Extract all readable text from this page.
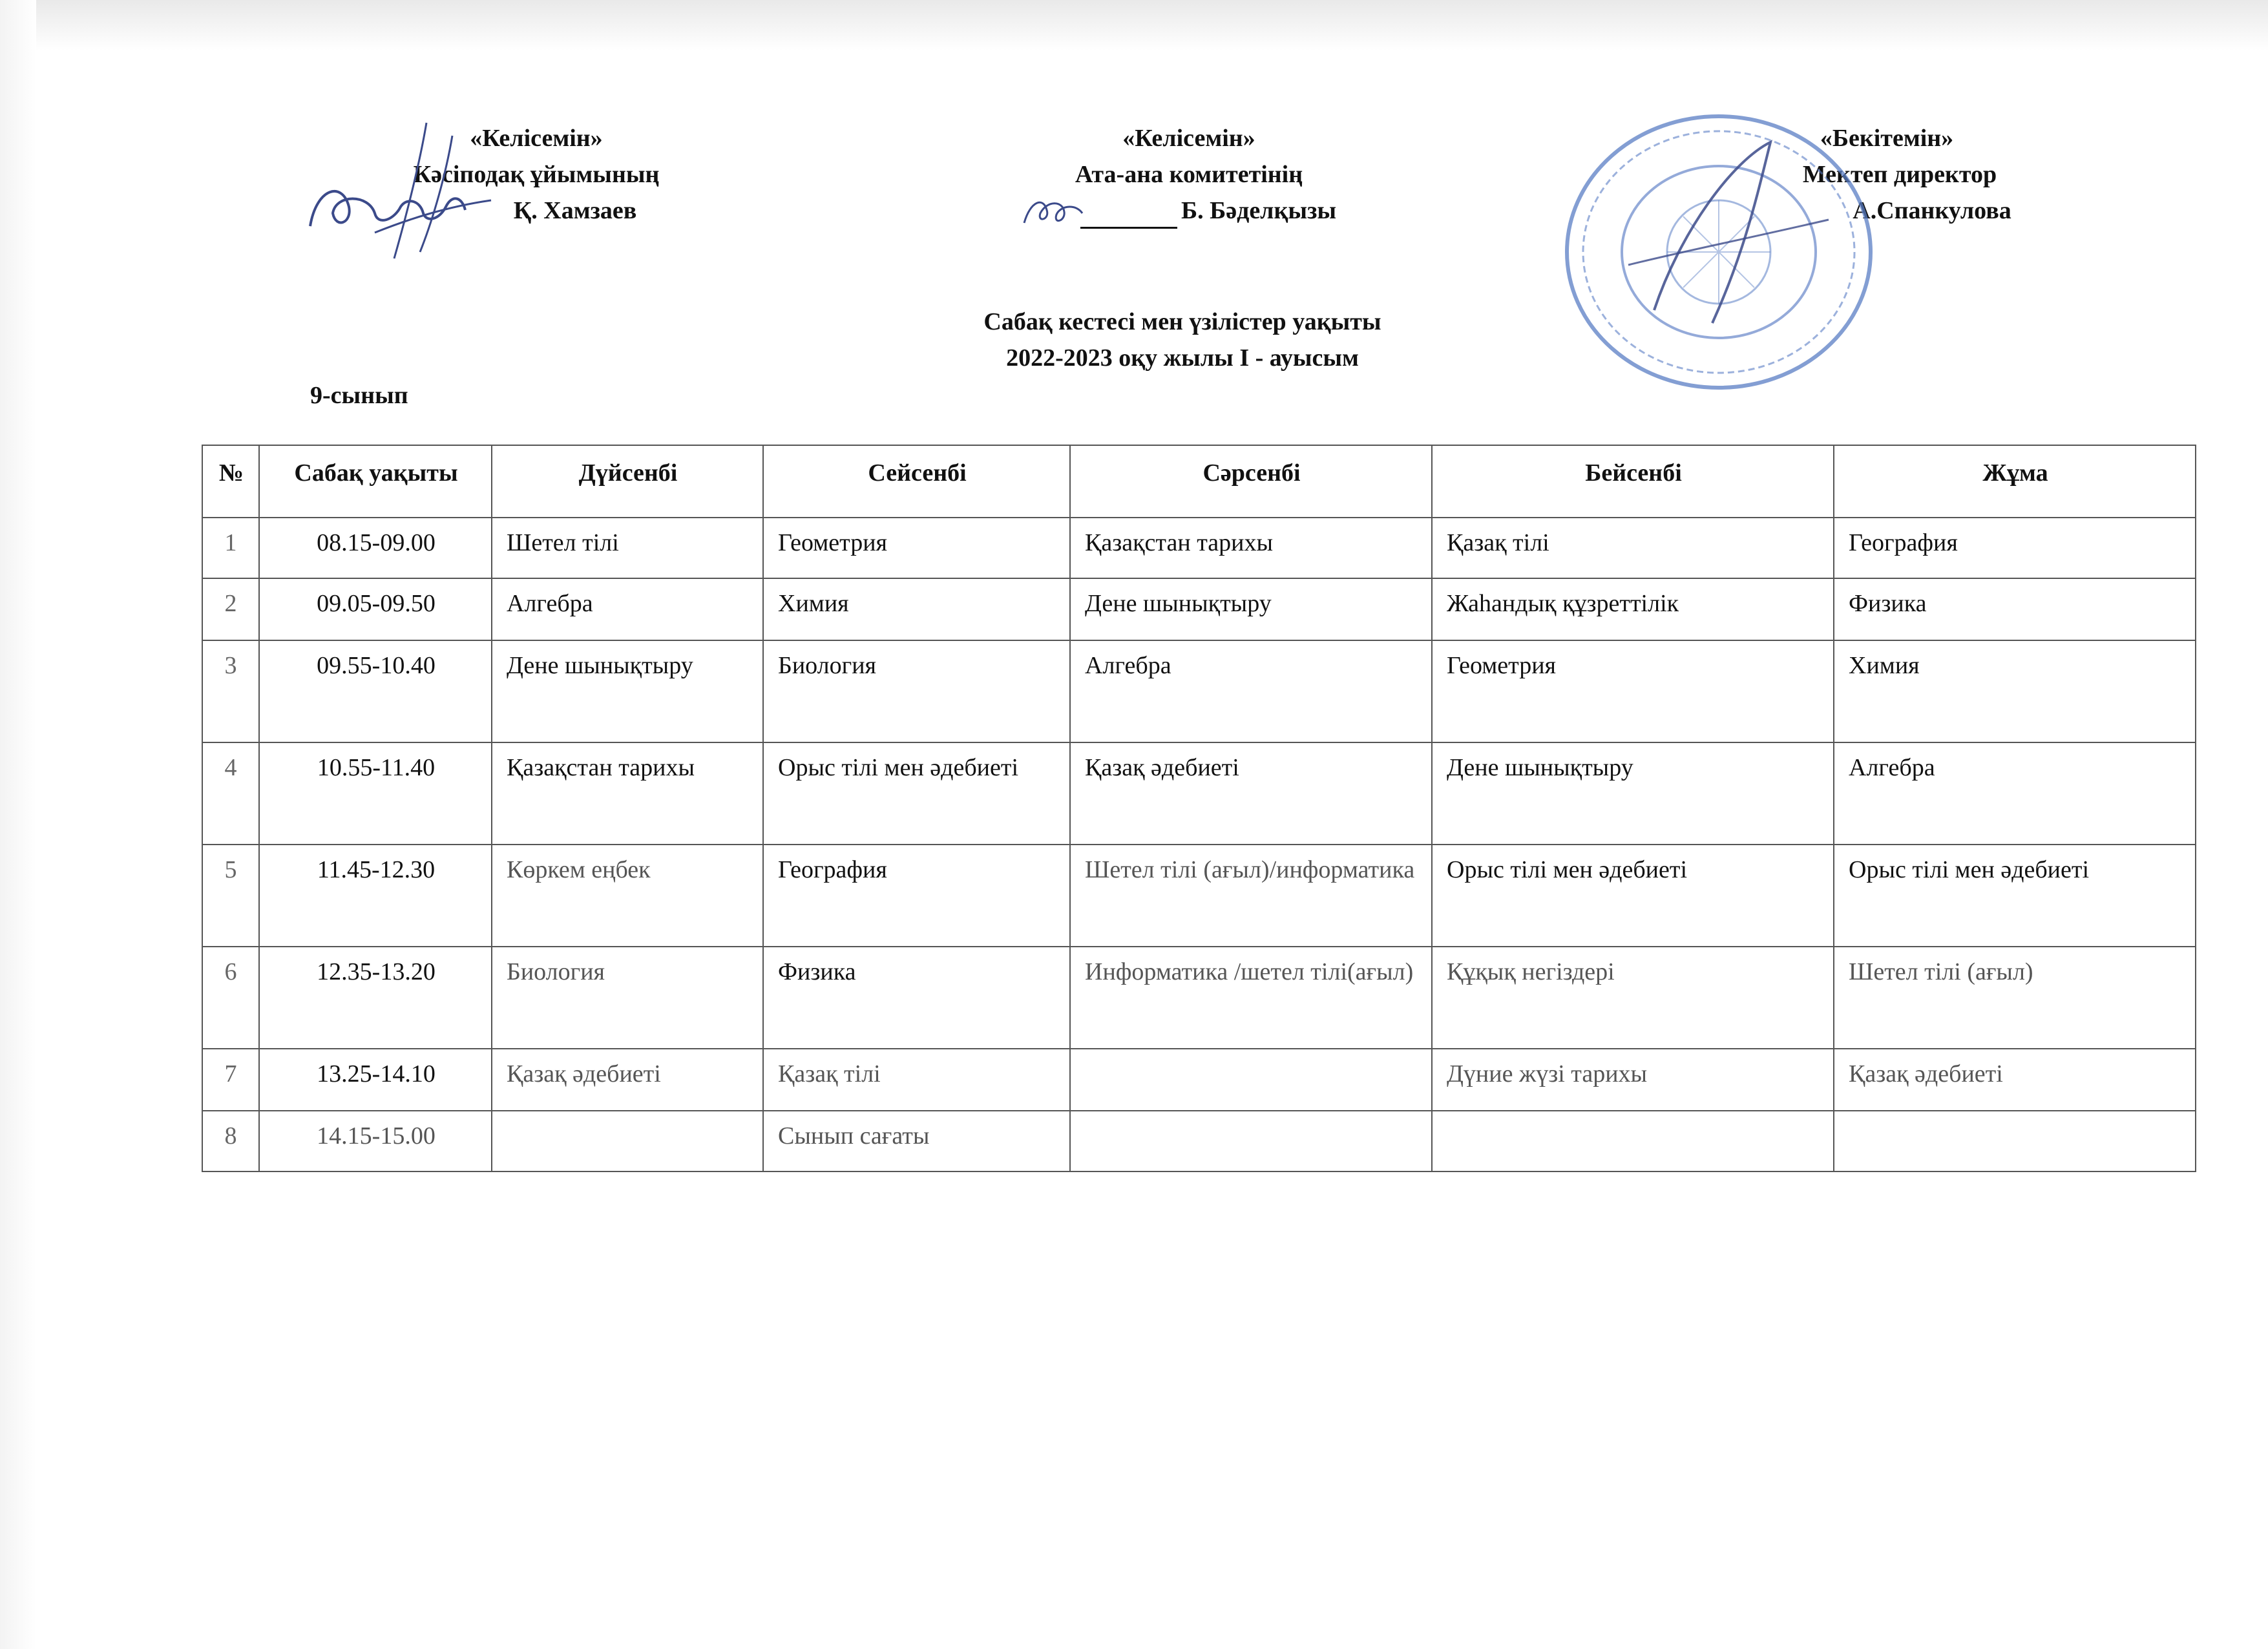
«Келісемін»
Кәсіподақ ұйымының
Қ. Хамзаев
«Келісемін»
Ата-ана комитетінің
Б. Бәделқызы
«Бекітемін»
Мектеп директор
А.Спанкулова
Сабақ кестесі мен үзілістер уақыты
2022-2023 оқу жылы І - ауысым
9-сынып
№	Сабақ уақыты	Дүйсенбі	Сейсенбі	Сәрсенбі	Бейсенбі	Жұма
1	08.15-09.00	Шетел тілі	Геометрия	Қазақстан тарихы	Қазақ тілі	География
2	09.05-09.50	Алгебра	Химия	Дене шынықтыру	Жаһандық құзреттілік	Физика
3	09.55-10.40	Дене шынықтыру	Биология	Алгебра	Геометрия	Химия
4	10.55-11.40	Қазақстан тарихы	Орыс тілі мен әдебиеті	Қазақ әдебиеті	Дене шынықтыру	Алгебра
5	11.45-12.30	Көркем еңбек	География	Шетел тілі (ағыл)/информатика	Орыс тілі мен әдебиеті	Орыс тілі мен әдебиеті
6	12.35-13.20	Биология	Физика	Информатика /шетел тілі(ағыл)	Құқық негіздері	Шетел тілі (ағыл)
7	13.25-14.10	Қазақ әдебиеті	Қазақ тілі		Дүние жүзі тарихы	Қазақ әдебиеті
8	14.15-15.00		Сынып сағаты			
